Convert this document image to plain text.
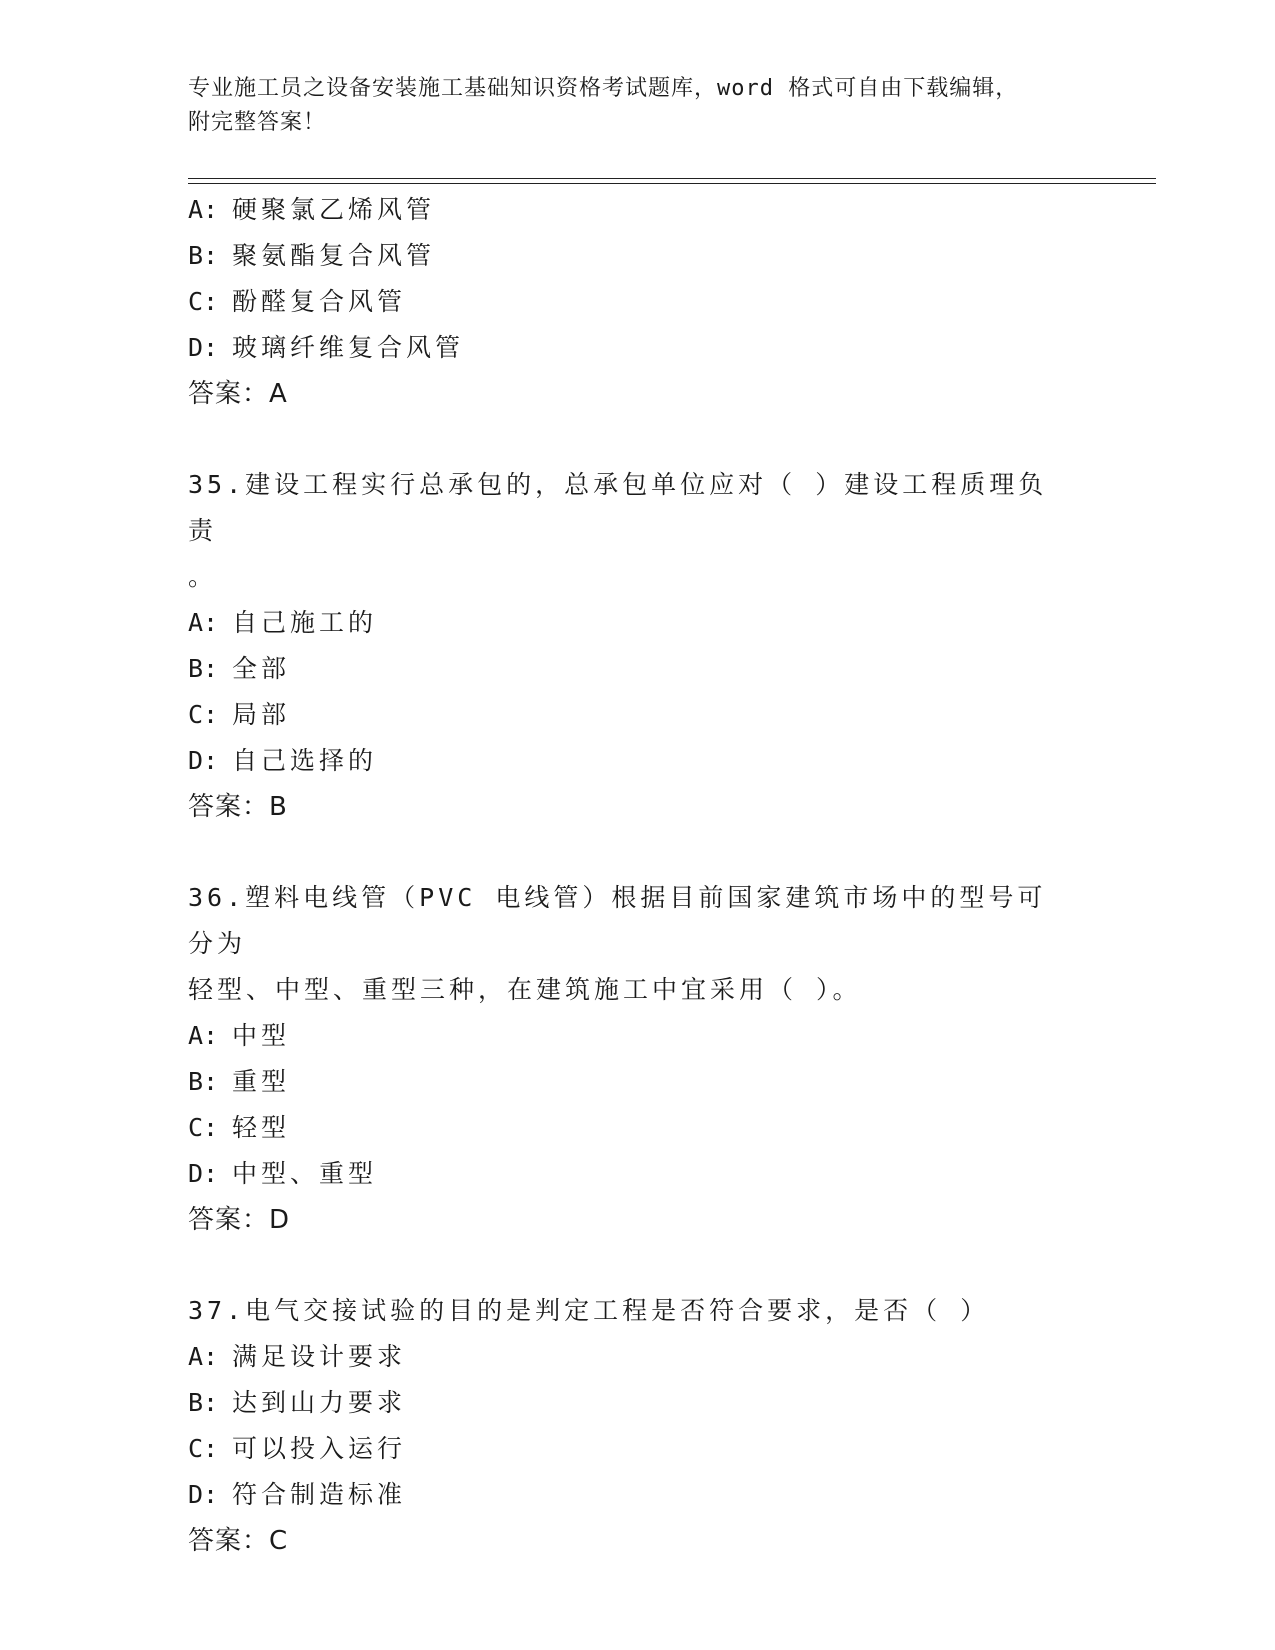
专业施工员之设备安装施工基础知识资格考试题库，word 格式可自由下载编辑，
附完整答案！
A: 硬聚氯乙烯风管
B: 聚氨酯复合风管
C: 酚醛复合风管
D: 玻璃纤维复合风管
答案：A
35.建设工程实行总承包的，总承包单位应对（ ）建设工程质理负责
。
A: 自己施工的
B: 全部
C: 局部
D: 自己选择的
答案：B
36.塑料电线管（PVC 电线管）根据目前国家建筑市场中的型号可分为
轻型、中型、重型三种，在建筑施工中宜采用（ ）。
A: 中型
B: 重型
C: 轻型
D: 中型、重型
答案：D
37.电气交接试验的目的是判定工程是否符合要求，是否（ ）
A: 满足设计要求
B: 达到山力要求
C: 可以投入运行
D: 符合制造标准
答案：C
